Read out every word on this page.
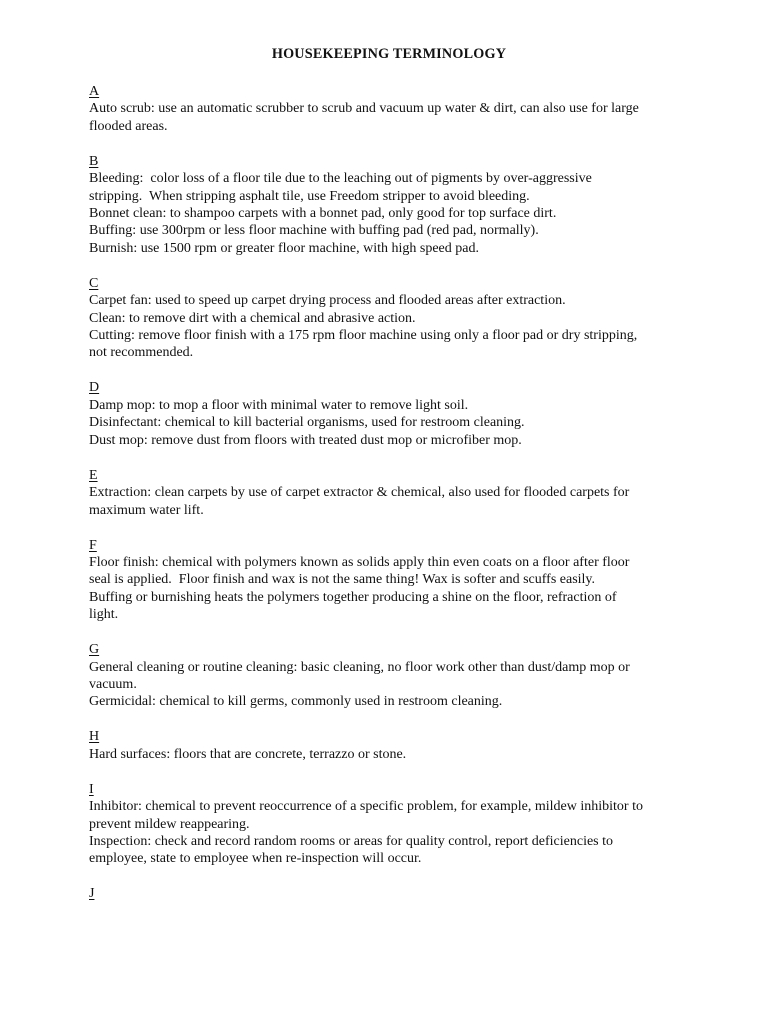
HOUSEKEEPING TERMINOLOGY
A
Auto scrub: use an automatic scrubber to scrub and vacuum up water & dirt, can also use for large
flooded areas.
B
Bleeding:  color loss of a floor tile due to the leaching out of pigments by over-aggressive
stripping.  When stripping asphalt tile, use Freedom stripper to avoid bleeding.
Bonnet clean: to shampoo carpets with a bonnet pad, only good for top surface dirt.
Buffing: use 300rpm or less floor machine with buffing pad (red pad, normally).
Burnish: use 1500 rpm or greater floor machine, with high speed pad.
C
Carpet fan: used to speed up carpet drying process and flooded areas after extraction.
Clean: to remove dirt with a chemical and abrasive action.
Cutting: remove floor finish with a 175 rpm floor machine using only a floor pad or dry stripping,
not recommended.
D
Damp mop: to mop a floor with minimal water to remove light soil.
Disinfectant: chemical to kill bacterial organisms, used for restroom cleaning.
Dust mop: remove dust from floors with treated dust mop or microfiber mop.
E
Extraction: clean carpets by use of carpet extractor & chemical, also used for flooded carpets for
maximum water lift.
F
Floor finish: chemical with polymers known as solids apply thin even coats on a floor after floor
seal is applied.  Floor finish and wax is not the same thing! Wax is softer and scuffs easily.
Buffing or burnishing heats the polymers together producing a shine on the floor, refraction of
light.
G
General cleaning or routine cleaning: basic cleaning, no floor work other than dust/damp mop or
vacuum.
Germicidal: chemical to kill germs, commonly used in restroom cleaning.
H
Hard surfaces: floors that are concrete, terrazzo or stone.
I
Inhibitor: chemical to prevent reoccurrence of a specific problem, for example, mildew inhibitor to
prevent mildew reappearing.
Inspection: check and record random rooms or areas for quality control, report deficiencies to
employee, state to employee when re-inspection will occur.
J
